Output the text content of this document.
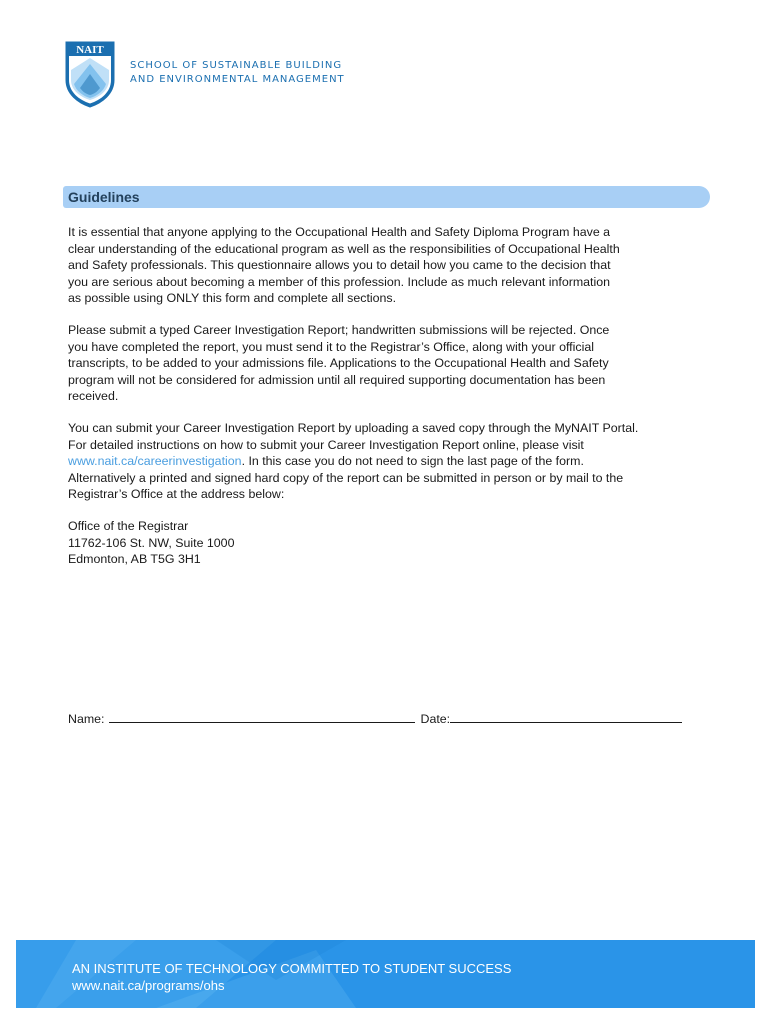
NAIT
SCHOOL OF SUSTAINABLE BUILDING
AND ENVIRONMENTAL MANAGEMENT
Guidelines
It is essential that anyone applying to the Occupational Health and Safety Diploma Program have a
clear understanding of the educational program as well as the responsibilities of Occupational Health
and Safety professionals. This questionnaire allows you to detail how you came to the decision that
you are serious about becoming a member of this profession. Include as much relevant information
as possible using ONLY this form and complete all sections.
Please submit a typed Career Investigation Report; handwritten submissions will be rejected. Once
you have completed the report, you must send it to the Registrar’s Office, along with your official
transcripts, to be added to your admissions file. Applications to the Occupational Health and Safety
program will not be considered for admission until all required supporting documentation has been
received.
You can submit your Career Investigation Report by uploading a saved copy through the MyNAIT Portal.
For detailed instructions on how to submit your Career Investigation Report online, please visit
www.nait.ca/careerinvestigation. In this case you do not need to sign the last page of the form.
Alternatively a printed and signed hard copy of the report can be submitted in person or by mail to the
Registrar’s Office at the address below:
Office of the Registrar
11762-106 St. NW, Suite 1000
Edmonton, AB T5G 3H1
Name:	Date:
AN INSTITUTE OF TECHNOLOGY COMMITTED TO STUDENT SUCCESS
www.nait.ca/programs/ohs
